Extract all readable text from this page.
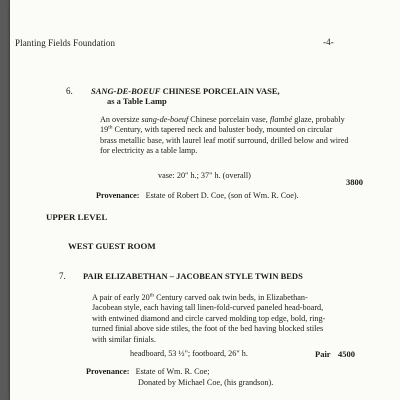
Planting Fields Foundation	-4-
6. SANG-DE-BOEUF CHINESE PORCELAIN VASE,
as a Table Lamp
An oversize sang-de-boeuf Chinese porcelain vase, flambé glaze, probably 19th Century, with tapered neck and baluster body, mounted on circular brass metallic base, with laurel leaf motif surround, drilled below and wired for electricity as a table lamp.
vase: 20" h.; 37" h. (overall)
3800
Provenance: Estate of Robert D. Coe, (son of Wm. R. Coe).
UPPER LEVEL
WEST GUEST ROOM
7. PAIR ELIZABETHAN – JACOBEAN STYLE TWIN BEDS
A pair of early 20th Century carved oak twin beds, in Elizabethan-Jacobean style, each having tall linen-fold-curved paneled head-board, with entwined diamond and circle carved molding top edge, bold, ring-turned finial above side stiles, the foot of the bed having blocked stiles with similar finials.
headboard, 53 ½"; footboard, 26" h.	Pair 4500
Provenance: Estate of Wm. R. Coe;
Donated by Michael Coe, (his grandson).
